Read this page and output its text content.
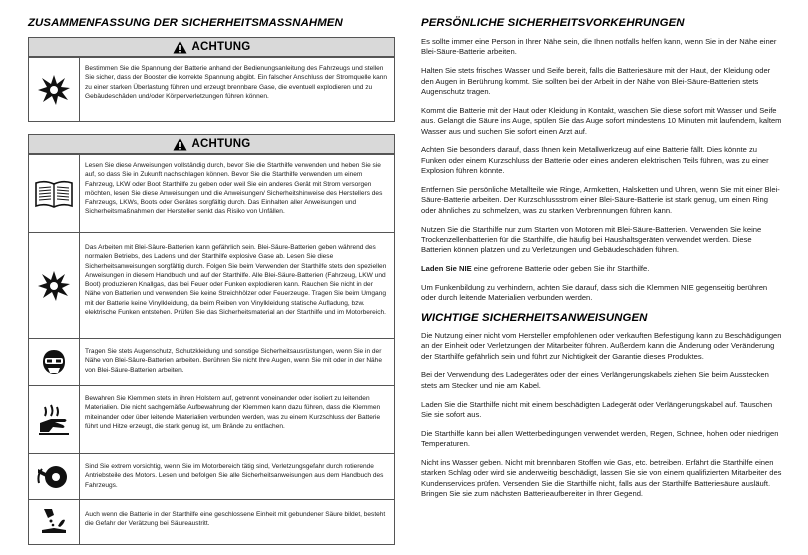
ZUSAMMENFASSUNG DER SICHERHEITSMASSNAHMEN
ACHTUNG
Bestimmen Sie die Spannung der Batterie anhand der Bedienungsanleitung des Fahrzeugs und stellen Sie sicher, dass der Booster die korrekte Spannung abgibt. Ein falscher Anschluss der Stromquelle kann zu einer starken Überlastung führen und erzeugt brennbare Gase, die eventuell explodieren und zu Gebäudeschäden und/oder Körperverletzungen führen können.
ACHTUNG
Lesen Sie diese Anweisungen vollständig durch, bevor Sie die Starthilfe verwenden und heben Sie sie auf, so dass Sie in Zukunft nachschlagen können. Bevor Sie die Starthilfe verwenden um einem Fahrzeug, LKW oder Boot Starthilfe zu geben oder weil Sie ein anderes Gerät mit Strom versorgen möchten, lesen Sie diese Anweisungen und die Anweisungen/ Sicherheitshinweise des Herstellers des Fahrzeugs, LKWs, Boots oder Gerätes sorgfältig durch. Das Einhalten aller Anweisungen und Sicherheitsmaßnahmen der Hersteller senkt das Risiko von Unfällen.
Das Arbeiten mit Blei-Säure-Batterien kann gefährlich sein. Blei-Säure-Batterien geben während des normalen Betriebs, des Ladens und der Starthilfe explosive Gase ab. Lesen Sie diese Sicherheitsanweisungen sorgfältig durch. Folgen Sie beim Verwenden der Starthilfe stets den speziellen Anweisungen in diesem Handbuch und auf der Starthilfe. Alle Blei-Säure-Batterien (Fahrzeug, LKW und Boot) produzieren Knallgas, das bei Feuer oder Funken explodieren kann. Rauchen Sie nicht in der Nähe von Batterien und verwenden Sie keine Streichhölzer oder Feuerzeuge. Tragen Sie beim Umgang mit der Batterie keine Vinylkleidung, da beim Reiben von Vinylkleidung statische Aufladung, bzw. elektrische Funken entstehen. Prüfen Sie das Sicherheitsmaterial an der Starthilfe und im Motorbereich.
Tragen Sie stets Augenschutz, Schutzkleidung und sonstige Sicherheitsausrüstungen, wenn Sie in der Nähe von Blei-Säure-Batterien arbeiten. Berühren Sie nicht Ihre Augen, wenn Sie mit oder in der Nähe von Blei-Säure-Batterien arbeiten.
Bewahren Sie Klemmen stets in ihren Holstern auf, getrennt voneinander oder isoliert zu leitenden Materialien. Die nicht sachgemäße Aufbewahrung der Klemmen kann dazu führen, dass die Klemmen miteinander oder über leitende Materialien verbunden werden, was zu einem Kurzschluss der Batterie führt und Hitze erzeugt, die stark genug ist, um Brände zu entfachen.
Sind Sie extrem vorsichtig, wenn Sie im Motorbereich tätig sind, Verletzungsgefahr durch rotierende Antriebsteile des Motors. Lesen und befolgen Sie alle Sicherheitsanweisungen aus dem Handbuch des Fahrzeugs.
Auch wenn die Batterie in der Starthilfe eine geschlossene Einheit mit gebundener Säure bildet, besteht die Gefahr der Verätzung bei Säureaustritt.
PERSÖNLICHE SICHERHEITSVORKEHRUNGEN

Es sollte immer eine Person in Ihrer Nähe sein, die Ihnen notfalls helfen kann, wenn Sie in der Nähe einer Blei-Säure-Batterie arbeiten.

Halten Sie stets frisches Wasser und Seife bereit, falls die Batteriesäure mit der Haut, der Kleidung oder den Augen in Berührung kommt. Sie sollten bei der Arbeit in der Nähe von Blei-Säure-Batterien stets Augenschutz tragen.

Kommt die Batterie mit der Haut oder Kleidung in Kontakt, waschen Sie diese sofort mit Wasser und Seife aus. Gelangt die Säure ins Auge, spülen Sie das Auge sofort mindestens 10 Minuten mit laufendem, kaltem Wasser aus und suchen Sie sofort einen Arzt auf.

Achten Sie besonders darauf, dass Ihnen kein Metallwerkzeug auf eine Batterie fällt. Dies könnte zu Funken oder einem Kurzschluss der Batterie oder eines anderen elektrischen Teils führen, was zu einer Explosion führen könnte.

Entfernen Sie persönliche Metallteile wie Ringe, Armketten, Halsketten und Uhren, wenn Sie mit einer Blei-Säure-Batterie arbeiten. Der Kurzschlussstrom einer Blei-Säure-Batterie ist stark genug, um einen Ring oder ähnliches zu schmelzen, was zu starken Verbrennungen führen kann.

Nutzen Sie die Starthilfe nur zum Starten von Motoren mit Blei-Säure-Batterien. Verwenden Sie keine Trockenzellenbatterien für die Starthilfe, die häufig bei Haushaltsgeräten verwendet werden. Diese Batterien können platzen und zu Verletzungen und Gebäudeschäden führen.

Laden Sie NIE eine gefrorene Batterie oder geben Sie ihr Starthilfe.

Um Funkenbildung zu verhindern, achten Sie darauf, dass sich die Klemmen NIE gegenseitig berühren oder durch leitende Materialien verbunden werden.

WICHTIGE SICHERHEITSANWEISUNGEN

Die Nutzung einer nicht vom Hersteller empfohlenen oder verkauften Befestigung kann zu Beschädigungen an der Einheit oder Verletzungen der Mitarbeiter führen. Außerdem kann die Änderung oder Veränderung der Starthilfe gefährlich sein und führt zur Nichtigkeit der Garantie dieses Produktes.

Bei der Verwendung des Ladegerätes oder der eines Verlängerungskabels ziehen Sie beim Ausstecken stets am Stecker und nie am Kabel.

Laden Sie die Starthilfe nicht mit einem beschädigten Ladegerät oder Verlängerungskabel auf. Tauschen Sie sie sofort aus.

Die Starthilfe kann bei allen Wetterbedingungen verwendet werden, Regen, Schnee, hohen oder niedrigen Temperaturen.

Nicht ins Wasser geben. Nicht mit brennbaren Stoffen wie Gas, etc. betreiben. Erfährt die Starthilfe einen starken Schlag oder wird sie anderweitig beschädigt, lassen Sie sie von einem qualifizierten Mitarbeiter des Kundenservices prüfen. Versenden Sie die Starthilfe nicht, falls aus der Starthilfe Batteriesäure ausläuft. Bringen Sie sie zum nächsten Batterieaufbereiter in Ihrer Gegend.
